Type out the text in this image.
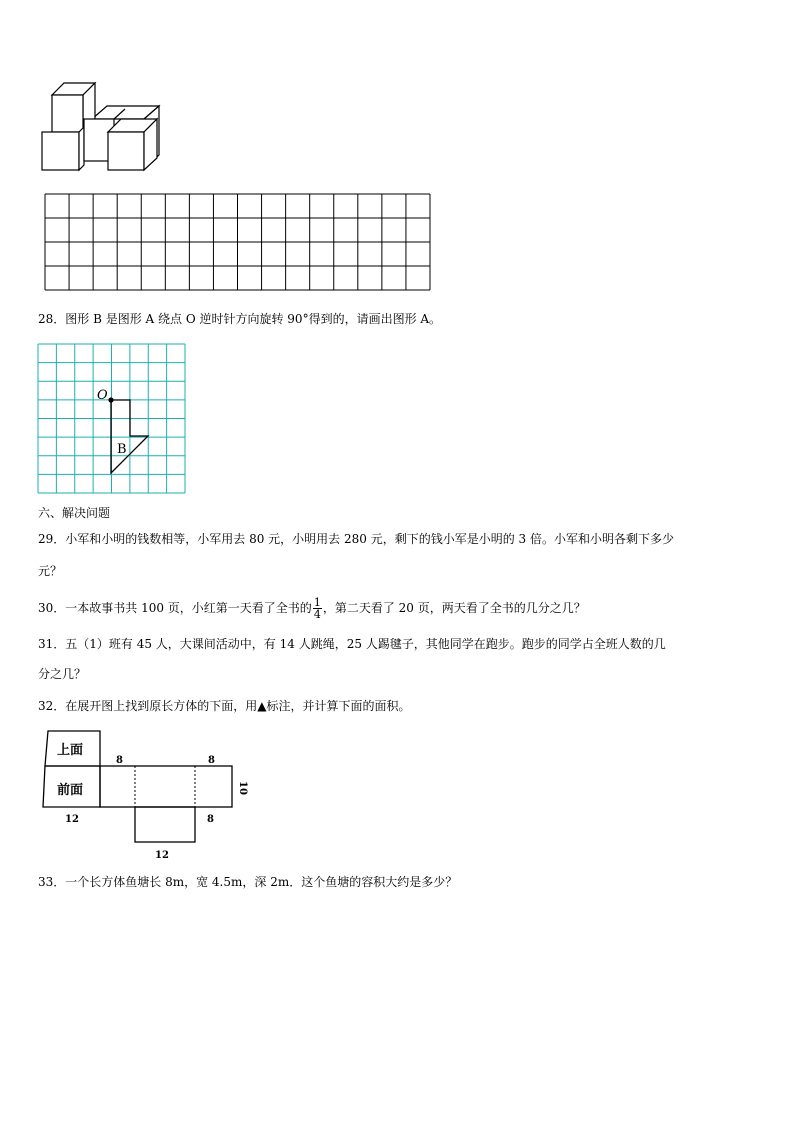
28．图形 B 是图形 A 绕点 O 逆时针方向旋转 90°得到的，请画出图形 A。
O
B
六、解决问题
29．小军和小明的钱数相等，小军用去 80 元，小明用去 280 元，剩下的钱小军是小明的 3 倍。小军和小明各剩下多少
元？
30．一本故事书共 100 页，小红第一天看了全书的 $\frac{1}{4}$ ，第二天看了 20 页，两天看了全书的几分之几？
31．五（1）班有 45 人，大课间活动中，有 14 人跳绳，25 人踢毽子，其他同学在跑步。跑步的同学占全班人数的几
分之几？
32．在展开图上找到原长方体的下面，用▲标注，并计算下面的面积。
上面
前面
8	8
10
12	8
12
33．一个长方体鱼塘长 8m，宽 4.5m，深 2m．这个鱼塘的容积大约是多少？
